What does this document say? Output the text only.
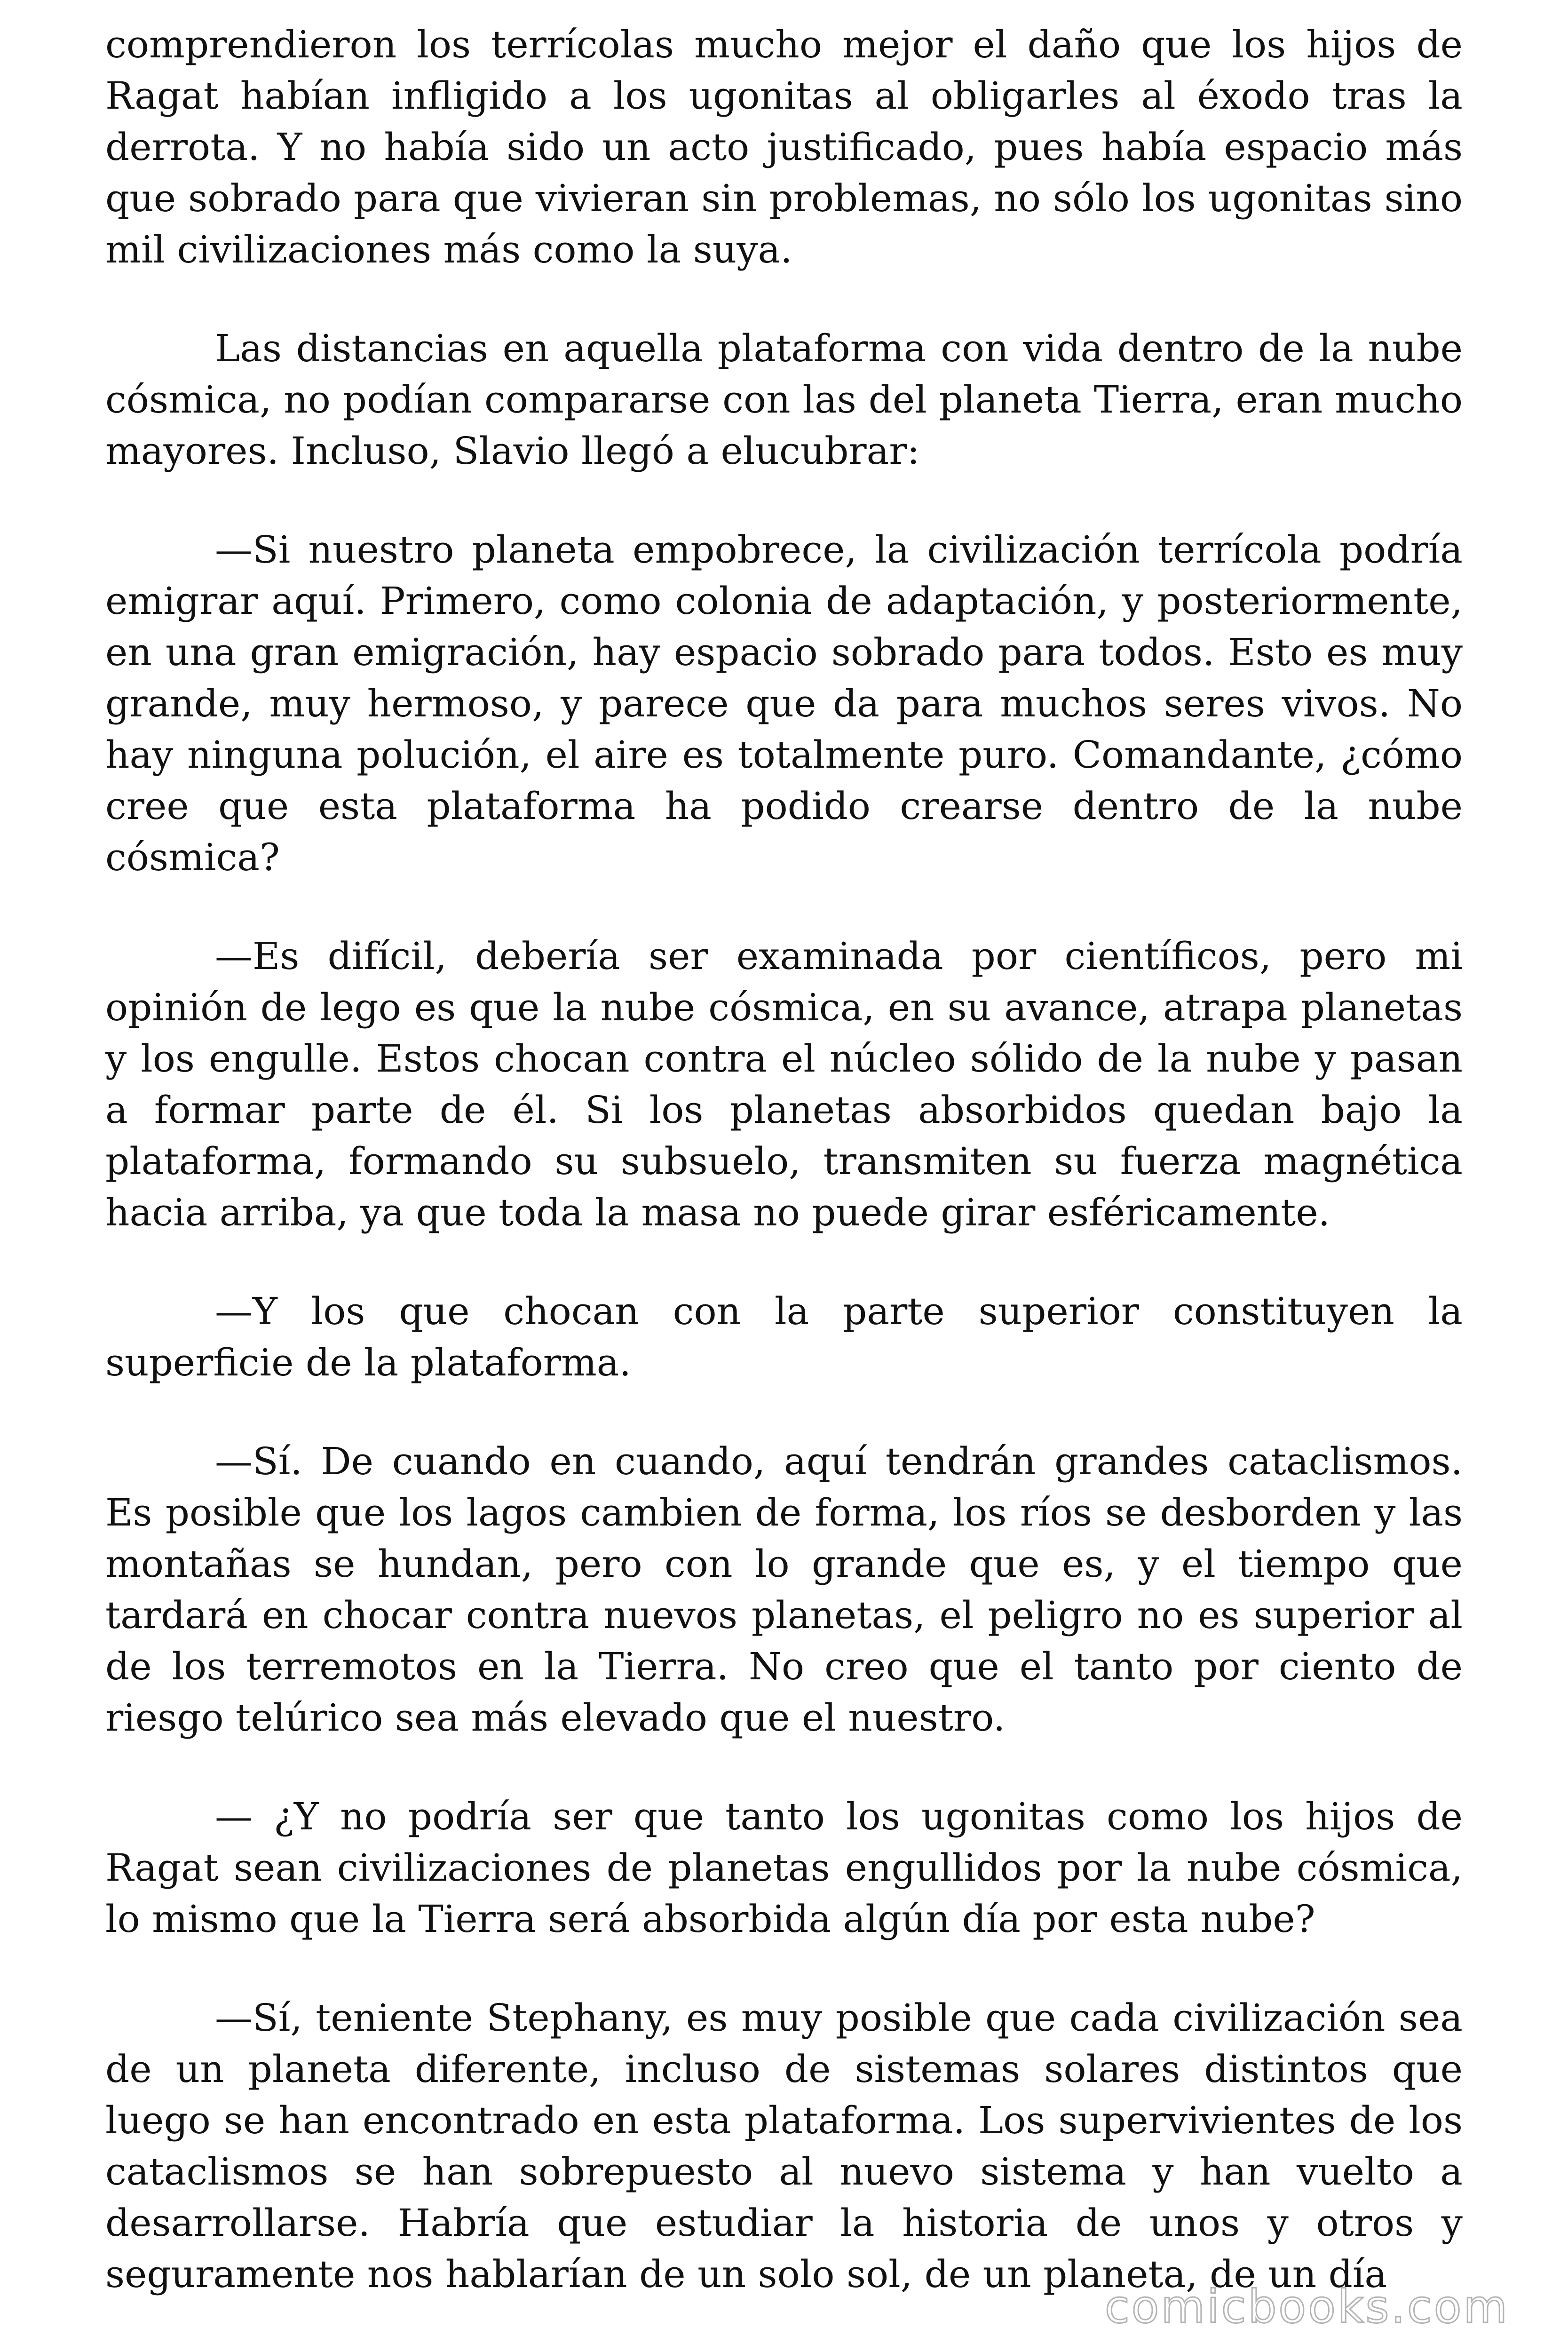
comprendieron los terrícolas mucho mejor el daño que los hijos de Ragat habían infligido a los ugonitas al obligarles al éxodo tras la derrota. Y no había sido un acto justificado, pues había espacio más que sobrado para que vivieran sin problemas, no sólo los ugonitas sino mil civilizaciones más como la suya.

Las distancias en aquella plataforma con vida dentro de la nube cósmica, no podían compararse con las del planeta Tierra, eran mucho mayores. Incluso, Slavio llegó a elucubrar:

—Si nuestro planeta empobrece, la civilización terrícola podría emigrar aquí. Primero, como colonia de adaptación, y posteriormente, en una gran emigración, hay espacio sobrado para todos. Esto es muy grande, muy hermoso, y parece que da para muchos seres vivos. No hay ninguna polución, el aire es totalmente puro. Comandante, ¿cómo cree que esta plataforma ha podido crearse dentro de la nube cósmica?

—Es difícil, debería ser examinada por científicos, pero mi opinión de lego es que la nube cósmica, en su avance, atrapa planetas y los engulle. Estos chocan contra el núcleo sólido de la nube y pasan a formar parte de él. Si los planetas absorbidos quedan bajo la plataforma, formando su subsuelo, transmiten su fuerza magnética hacia arriba, ya que toda la masa no puede girar esféricamente.

—Y los que chocan con la parte superior constituyen la superficie de la plataforma.

—Sí. De cuando en cuando, aquí tendrán grandes cataclismos. Es posible que los lagos cambien de forma, los ríos se desborden y las montañas se hundan, pero con lo grande que es, y el tiempo que tardará en chocar contra nuevos planetas, el peligro no es superior al de los terremotos en la Tierra. No creo que el tanto por ciento de riesgo telúrico sea más elevado que el nuestro.

— ¿Y no podría ser que tanto los ugonitas como los hijos de Ragat sean civilizaciones de planetas engullidos por la nube cósmica, lo mismo que la Tierra será absorbida algún día por esta nube?

—Sí, teniente Stephany, es muy posible que cada civilización sea de un planeta diferente, incluso de sistemas solares distintos que luego se han encontrado en esta plataforma. Los supervivientes de los cataclismos se han sobrepuesto al nuevo sistema y han vuelto a desarrollarse. Habría que estudiar la historia de unos y otros y seguramente nos hablarían de un solo sol, de un planeta, de un día

comicbooks.com
